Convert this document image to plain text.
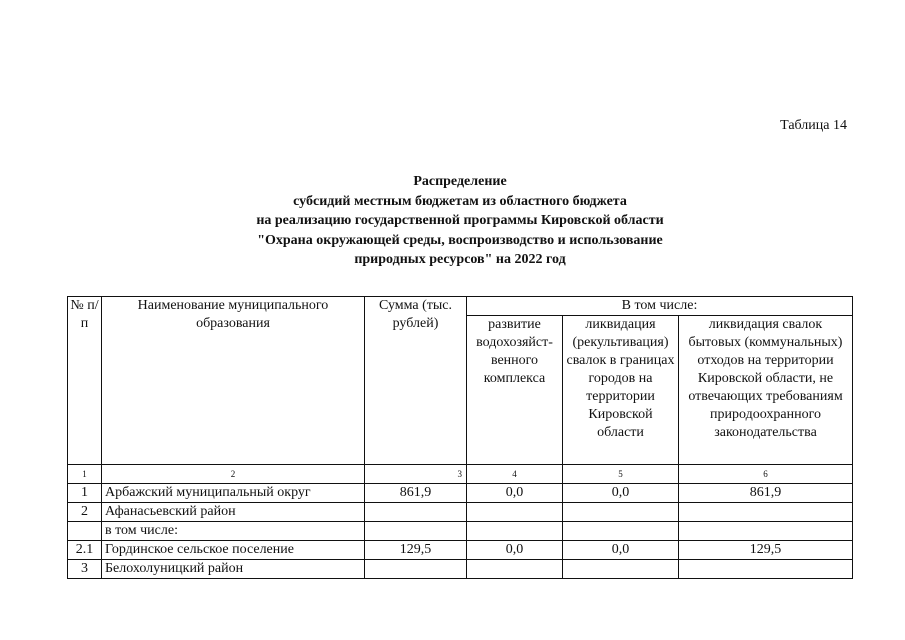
Таблица 14
Распределение
субсидий местным бюджетам из областного бюджета
на реализацию государственной программы Кировской области
"Охрана окружающей среды, воспроизводство и использование
природных ресурсов" на 2022 год
№ п/п	Наименование муниципального образования	Сумма (тыс. рублей)	В том числе:		
			развитие водохозяйст-венного комплекса	ликвидация (рекультивация) свалок в границах городов на территории Кировской области	ликвидация свалок бытовых (коммунальных) отходов на территории Кировской области, не отвечающих требованиям природоохранного законодательства
1	2	3	4	5	6
1	Арбажский муниципальный округ	861,9	0,0	0,0	861,9
2	Афанасьевский район				
	в том числе:				
2.1	Гординское сельское поселение	129,5	0,0	0,0	129,5
3	Белохолуницкий район				
